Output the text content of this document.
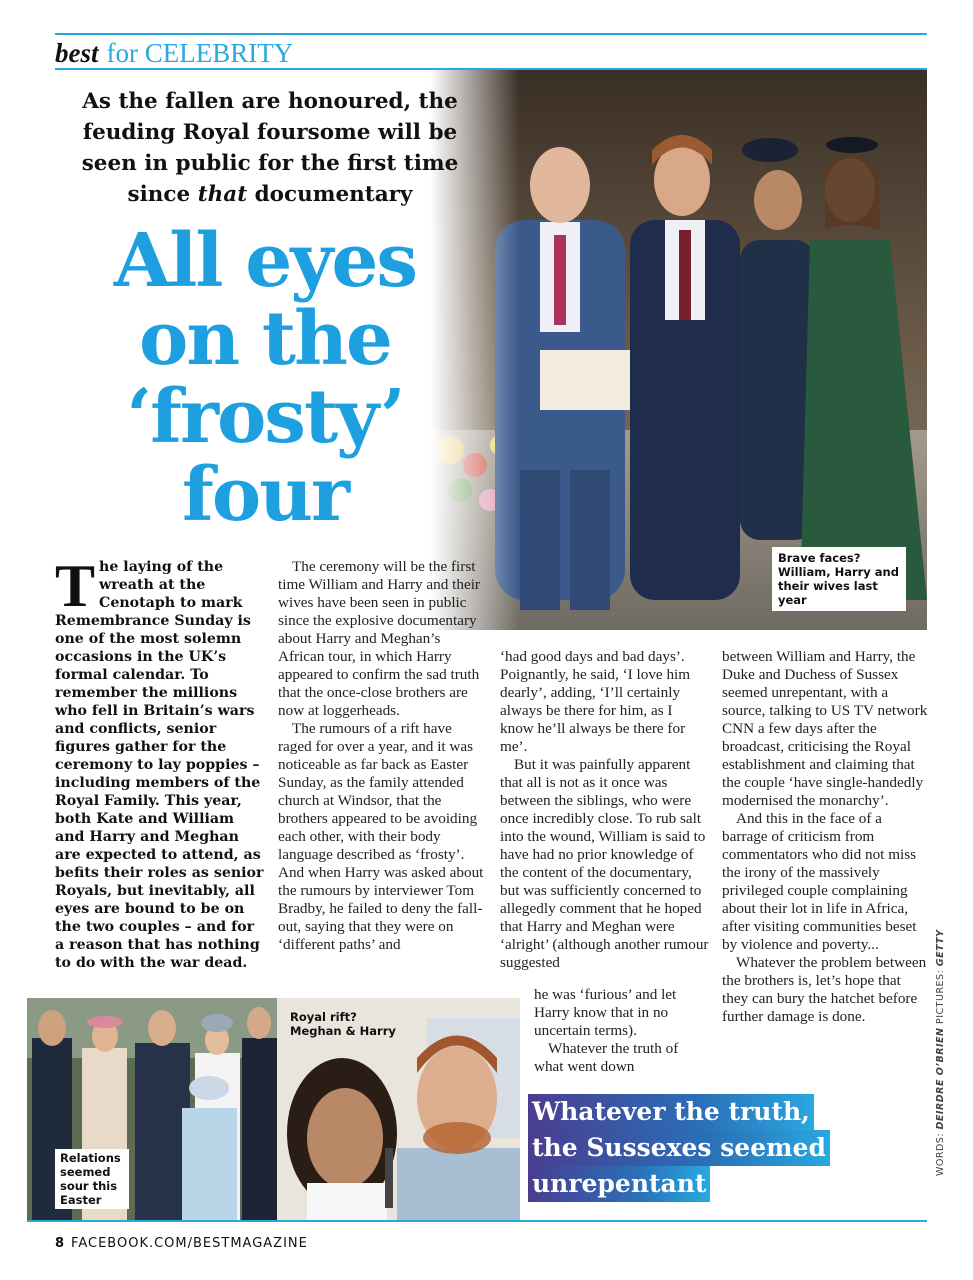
best for CELEBRITY
Brave faces? William, Harry and their wives last year
As the fallen are honoured, the feuding Royal foursome will be seen in public for the first time since that documentary
All eyes
on the
‘frosty’
four
The laying of the wreath at the Cenotaph to mark Remembrance Sunday is one of the most solemn occasions in the UK’s formal calendar. To remember the millions who fell in Britain’s wars and conflicts, senior figures gather for the ceremony to lay poppies – including members of the Royal Family. This year, both Kate and William and Harry and Meghan are expected to attend, as befits their roles as senior Royals, but inevitably, all eyes are bound to be on the two couples – and for a reason that has nothing to do with the war dead.

The ceremony will be the first time William and Harry and their wives have been seen in public since the explosive documentary about Harry and Meghan’s African tour, in which Harry appeared to confirm the sad truth that the once-close brothers are now at loggerheads.

The rumours of a rift have raged for over a year, and it was noticeable as far back as Easter Sunday, as the family attended church at Windsor, that the brothers appeared to be avoiding each other, with their body language described as ‘frosty’. And when Harry was asked about the rumours by interviewer Tom Bradby, he failed to deny the fall-out, saying that they were on ‘different paths’ and

‘had good days and bad days’. Poignantly, he said, ‘I love him dearly’, adding, ‘I’ll certainly always be there for him, as I know he’ll always be there for me’.

But it was painfully apparent that all is not as it once was between the siblings, who were once incredibly close. To rub salt into the wound, William is said to have had no prior knowledge of the content of the documentary, but was sufficiently concerned to allegedly comment that he hoped that Harry and Meghan were ‘alright’ (although another rumour suggested

he was ‘furious’ and let Harry know that in no uncertain terms).

Whatever the truth of what went down

between William and Harry, the Duke and Duchess of Sussex seemed unrepentant, with a source, talking to US TV network CNN a few days after the broadcast, criticising the Royal establishment and claiming that the couple ‘have single-handedly modernised the monarchy’.

And this in the face of a barrage of criticism from commentators who did not miss the irony of the massively privileged couple complaining about their lot in life in Africa, after visiting communities beset by violence and poverty...

Whatever the problem between the brothers is, let’s hope that they can bury the hatchet before further damage is done.

Relations seemed sour this Easter
Royal rift? Meghan & Harry
Whatever the truth,
the Sussexes seemed
unrepentant
8 FACEBOOK.COM/BESTMAGAZINE
WORDS: DEIRDRE O’BRIEN PICTURES: GETTY
